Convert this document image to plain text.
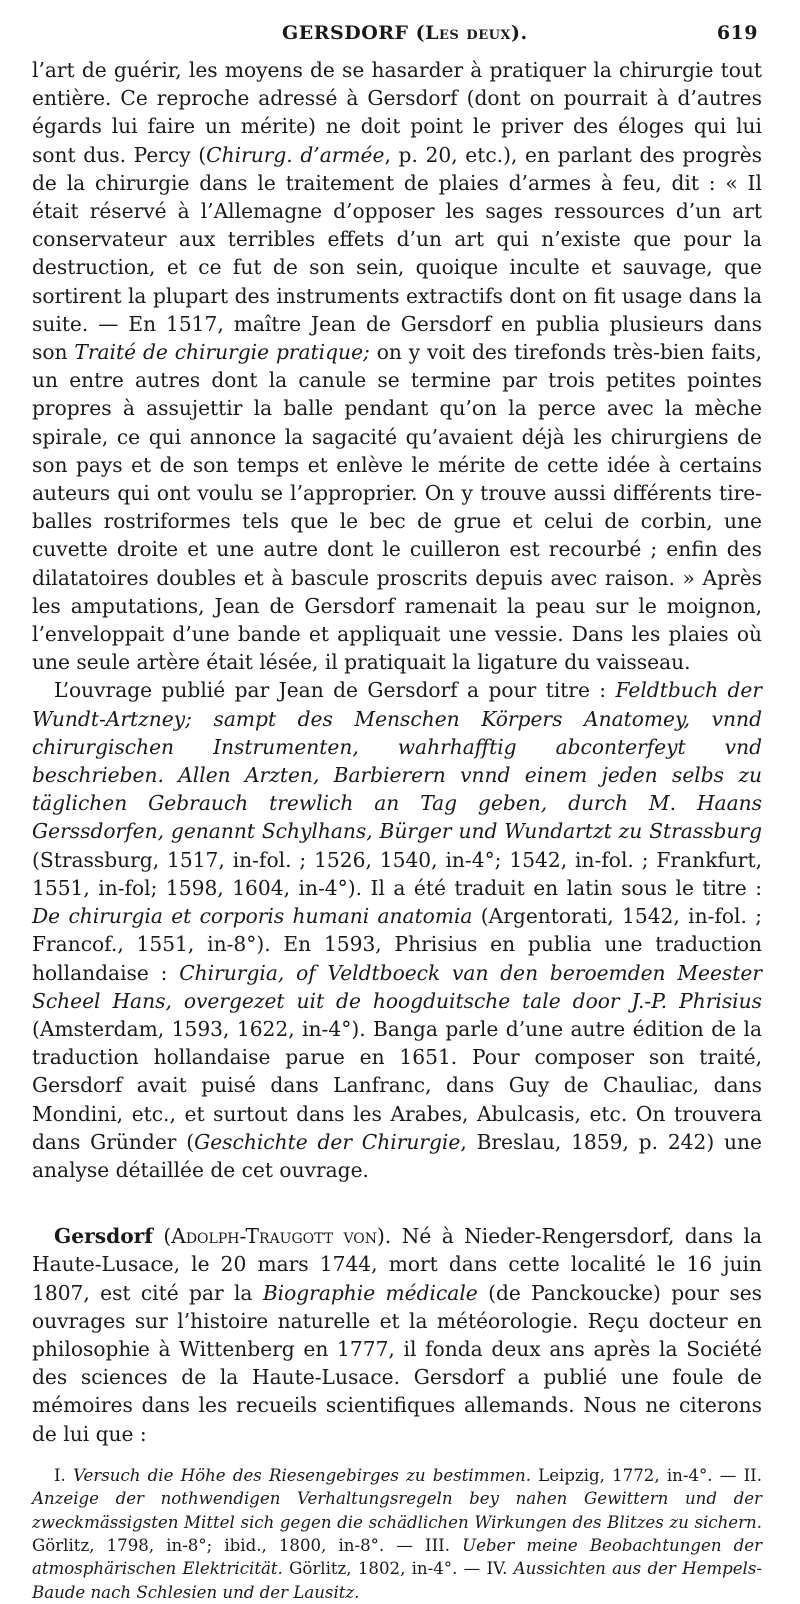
GERSDORF (Les deux).	619

l’art de guérir, les moyens de se hasarder à pratiquer la chirurgie tout entière. Ce reproche adressé à Gersdorf (dont on pourrait à d’autres égards lui faire un mérite) ne doit point le priver des éloges qui lui sont dus. Percy (Chirurg. d’armée, p. 20, etc.), en parlant des progrès de la chirurgie dans le traitement de plaies d’armes à feu, dit : « Il était réservé à l’Allemagne d’opposer les sages ressources d’un art conservateur aux terribles effets d’un art qui n’existe que pour la destruction, et ce fut de son sein, quoique inculte et sauvage, que sortirent la plupart des instruments extractifs dont on fit usage dans la suite. — En 1517, maître Jean de Gersdorf en publia plusieurs dans son Traité de chirurgie pratique; on y voit des tirefonds très-bien faits, un entre autres dont la canule se termine par trois petites pointes propres à assujettir la balle pendant qu’on la perce avec la mèche spirale, ce qui annonce la sagacité qu’avaient déjà les chirurgiens de son pays et de son temps et enlève le mérite de cette idée à certains auteurs qui ont voulu se l’approprier. On y trouve aussi différents tire-balles rostriformes tels que le bec de grue et celui de corbin, une cuvette droite et une autre dont le cuilleron est recourbé ; enfin des dilatatoires doubles et à bascule proscrits depuis avec raison. » Après les amputations, Jean de Gersdorf ramenait la peau sur le moignon, l’enveloppait d’une bande et appliquait une vessie. Dans les plaies où une seule artère était lésée, il pratiquait la ligature du vaisseau.

L’ouvrage publié par Jean de Gersdorf a pour titre : Feldtbuch der Wundt-Artzney; sampt des Menschen Körpers Anatomey, vnnd chirurgischen Instrumenten, wahrhafftig abconterfeyt vnd beschrieben. Allen Arzten, Barbierern vnnd einem jeden selbs zu täglichen Gebrauch trewlich an Tag geben, durch M. Haans Gerssdorfen, genannt Schylhans, Bürger und Wundartzt zu Strassburg (Strassburg, 1517, in-fol. ; 1526, 1540, in-4°; 1542, in-fol. ; Frankfurt, 1551, in-fol; 1598, 1604, in-4°). Il a été traduit en latin sous le titre : De chirurgia et corporis humani anatomia (Argentorati, 1542, in-fol. ; Francof., 1551, in-8°). En 1593, Phrisius en publia une traduction hollandaise : Chirurgia, of Veldtboeck van den beroemden Meester Scheel Hans, overgezet uit de hoogduitsche tale door J.-P. Phrisius (Amsterdam, 1593, 1622, in-4°). Banga parle d’une autre édition de la traduction hollandaise parue en 1651. Pour composer son traité, Gersdorf avait puisé dans Lanfranc, dans Guy de Chauliac, dans Mondini, etc., et surtout dans les Arabes, Abulcasis, etc. On trouvera dans Gründer (Geschichte der Chirurgie, Breslau, 1859, p. 242) une analyse détaillée de cet ouvrage.

Gersdorf (Adolph-Traugott von). Né à Nieder-Rengersdorf, dans la Haute-Lusace, le 20 mars 1744, mort dans cette localité le 16 juin 1807, est cité par la Biographie médicale (de Panckoucke) pour ses ouvrages sur l’histoire naturelle et la météorologie. Reçu docteur en philosophie à Wittenberg en 1777, il fonda deux ans après la Société des sciences de la Haute-Lusace. Gersdorf a publié une foule de mémoires dans les recueils scientifiques allemands. Nous ne citerons de lui que :

I. Versuch die Höhe des Riesengebirges zu bestimmen. Leipzig, 1772, in-4°. — II. Anzeige der nothwendigen Verhaltungsregeln bey nahen Gewittern und der zweckmässigsten Mittel sich gegen die schädlichen Wirkungen des Blitzes zu sichern. Görlitz, 1798, in-8°; ibid., 1800, in-8°. — III. Ueber meine Beobachtungen der atmosphärischen Elektricität. Görlitz, 1802, in-4°. — IV. Aussichten aus der Hempels-Baude nach Schlesien und der Lausitz.
